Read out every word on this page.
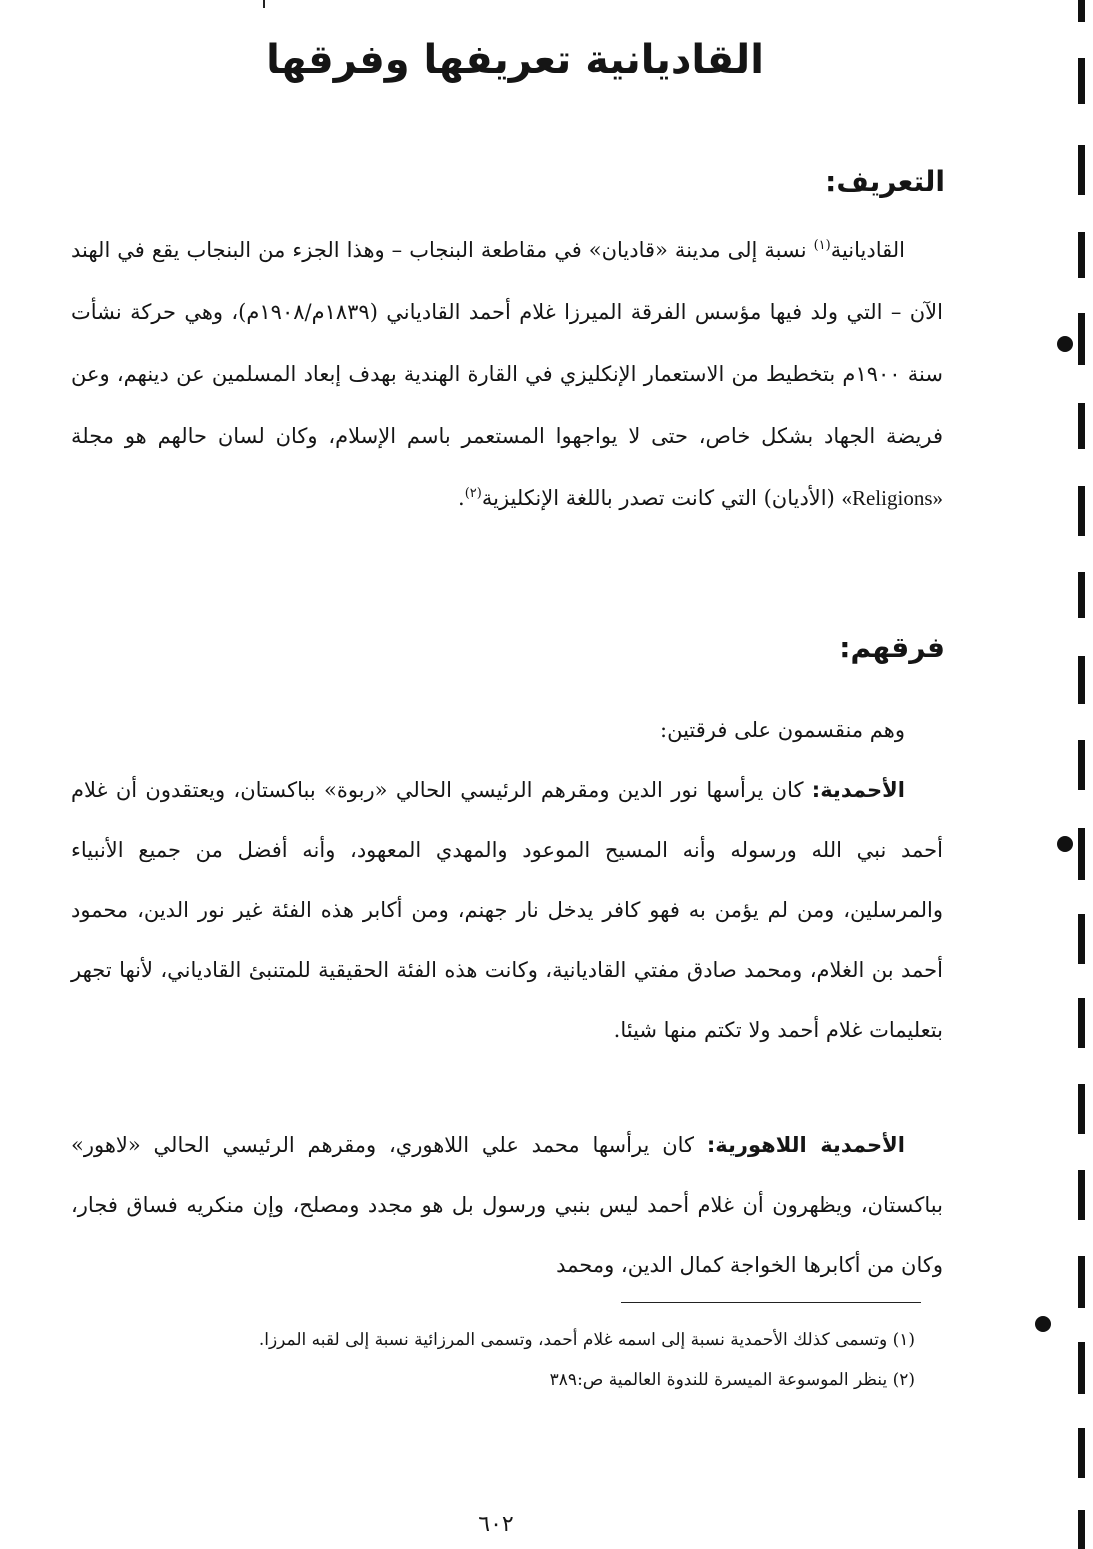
القاديانية تعريفها وفرقها
التعريف:

القاديانية$^{(١)}$ نسبة إلى مدينة «قاديان» في مقاطعة البنجاب – وهذا الجزء من البنجاب يقع في الهند الآن – التي ولد فيها مؤسس الفرقة الميرزا غلام أحمد القادياني (١٨٣٩م/١٩٠٨م)، وهي حركة نشأت سنة ١٩٠٠م بتخطيط من الاستعمار الإنكليزي في القارة الهندية بهدف إبعاد المسلمين عن دينهم، وعن فريضة الجهاد بشكل خاص، حتى لا يواجهوا المستعمر باسم الإسلام، وكان لسان حالهم هو مجلة «Religions» (الأديان) التي كانت تصدر باللغة الإنكليزية$^{(٢)}$.

فرقهم:

وهم منقسمون على فرقتين:

الأحمدية: كان يرأسها نور الدين ومقرهم الرئيسي الحالي «ربوة» بباكستان، ويعتقدون أن غلام أحمد نبي الله ورسوله وأنه المسيح الموعود والمهدي المعهود، وأنه أفضل من جميع الأنبياء والمرسلين، ومن لم يؤمن به فهو كافر يدخل نار جهنم، ومن أكابر هذه الفئة غير نور الدين، محمود أحمد بن الغلام، ومحمد صادق مفتي القاديانية، وكانت هذه الفئة الحقيقية للمتنبئ القادياني، لأنها تجهر بتعليمات غلام أحمد ولا تكتم منها شيئا.

الأحمدية اللاهورية: كان يرأسها محمد علي اللاهوري، ومقرهم الرئيسي الحالي «لاهور» بباكستان، ويظهرون أن غلام أحمد ليس بنبي ورسول بل هو مجدد ومصلح، وإن منكريه فساق فجار، وكان من أكابرها الخواجة كمال الدين، ومحمد

(١) وتسمى كذلك الأحمدية نسبة إلى اسمه غلام أحمد، وتسمى المرزائية نسبة إلى لقبه المرزا.

(٢) ينظر الموسوعة الميسرة للندوة العالمية ص:٣٨٩

٦٠٢
